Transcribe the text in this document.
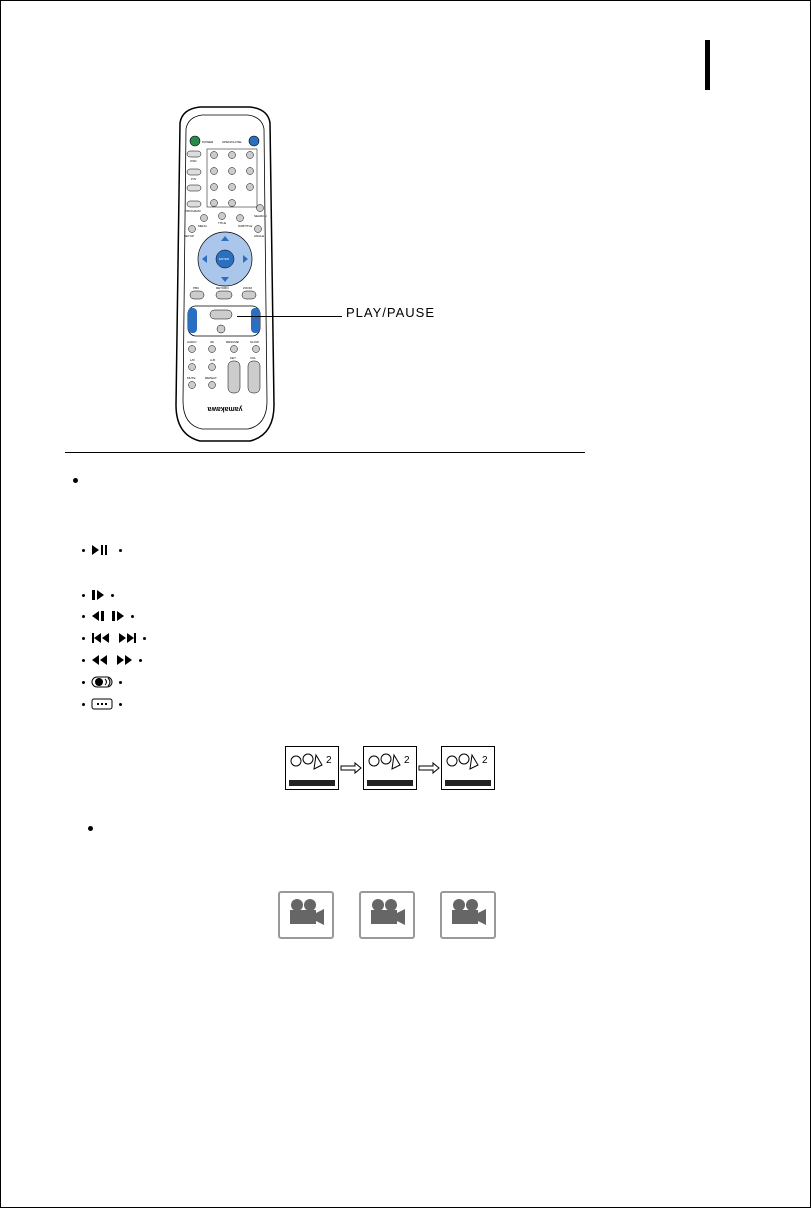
POWER	OPEN/CLOSE
OSD
P/N
PROGRAM
MENU
TITLE
SUBTITLE
SEARCH
SETUP	ANGLE
ENTER
PBC	RETURN	ZOOM
AUDIO	3D	RESUME	SLOW
L/R	A-B
MUTE	REPEAT
KEY	VOL
yamakawa
PLAY/PAUSE
2	2	2
